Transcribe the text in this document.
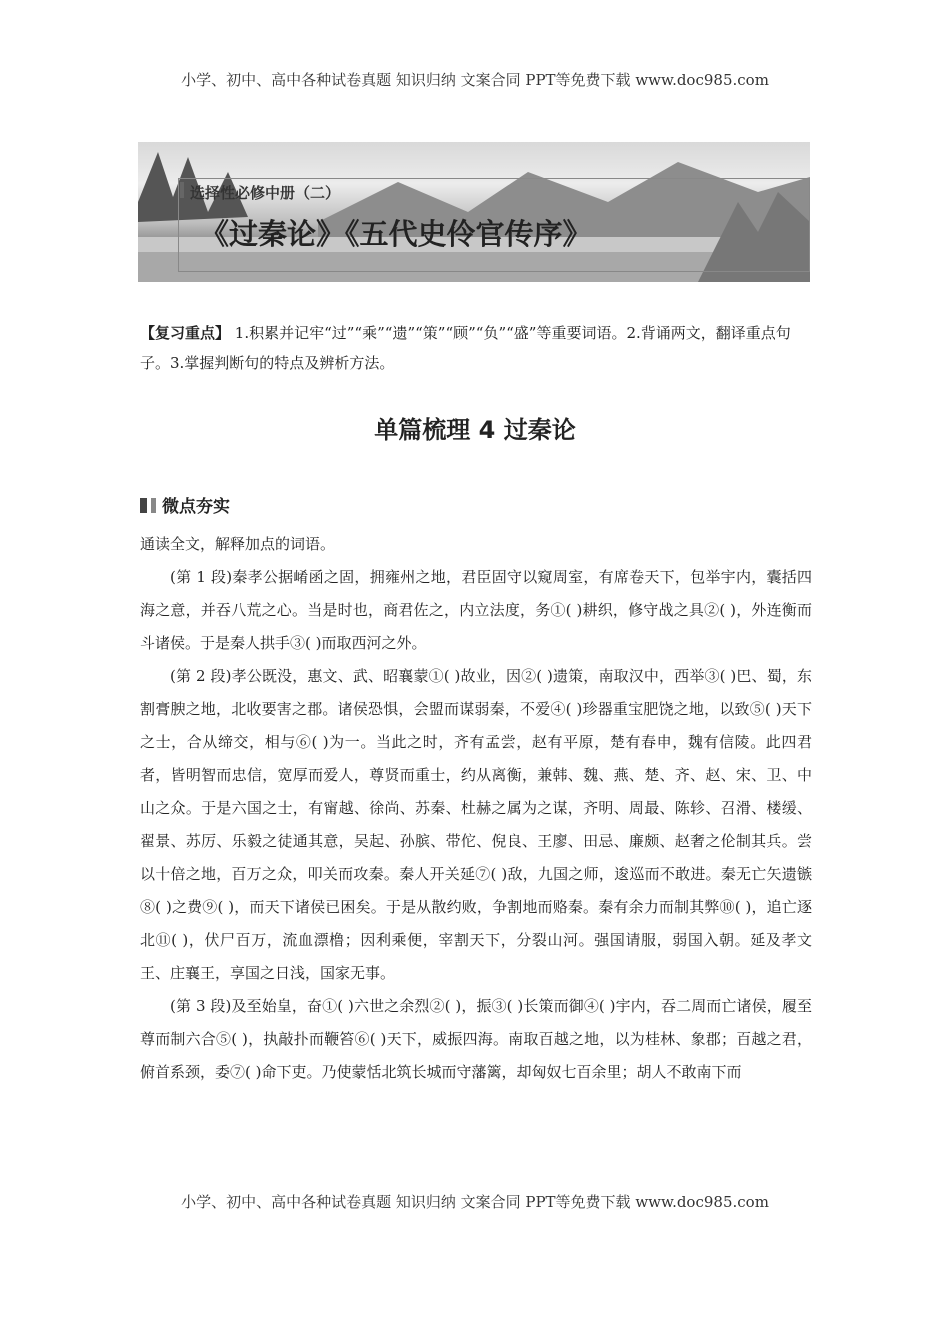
小学、初中、高中各种试卷真题 知识归纳 文案合同 PPT等免费下载 www.doc985.com
选择性必修中册（二）
《过秦论》《五代史伶官传序》
【复习重点】 1.积累并记牢“过”“乘”“遗”“策”“顾”“负”“盛”等重要词语。2.背诵两文，翻译重点句子。3.掌握判断句的特点及辨析方法。
单篇梳理 4 过秦论
微点夯实
通读全文，解释加点的词语。

(第 1 段)秦孝公据崤函之固，拥雍州之地，君臣固守以窥周室，有席卷天下，包举宇内，囊括四海之意，并吞八荒之心。当是时也，商君佐之，内立法度，务①( )耕织，修守战之具②( )，外连衡而斗诸侯。于是秦人拱手③( )而取西河之外。

(第 2 段)孝公既没，惠文、武、昭襄蒙①( )故业，因②( )遗策，南取汉中，西举③( )巴、蜀，东割膏腴之地，北收要害之郡。诸侯恐惧，会盟而谋弱秦，不爱④( )珍器重宝肥饶之地，以致⑤( )天下之士，合从缔交，相与⑥( )为一。当此之时，齐有孟尝，赵有平原，楚有春申，魏有信陵。此四君者，皆明智而忠信，宽厚而爱人，尊贤而重士，约从离衡，兼韩、魏、燕、楚、齐、赵、宋、卫、中山之众。于是六国之士，有甯越、徐尚、苏秦、杜赫之属为之谋，齐明、周最、陈轸、召滑、楼缓、翟景、苏厉、乐毅之徒通其意，吴起、孙膑、带佗、倪良、王廖、田忌、廉颇、赵奢之伦制其兵。尝以十倍之地，百万之众，叩关而攻秦。秦人开关延⑦( )敌，九国之师，逡巡而不敢进。秦无亡矢遗镞⑧( )之费⑨( )，而天下诸侯已困矣。于是从散约败，争割地而赂秦。秦有余力而制其弊⑩( )，追亡逐北⑪( )，伏尸百万，流血漂橹；因利乘便，宰割天下，分裂山河。强国请服，弱国入朝。延及孝文王、庄襄王，享国之日浅，国家无事。

(第 3 段)及至始皇，奋①( )六世之余烈②( )，振③( )长策而御④( )宇内，吞二周而亡诸侯，履至尊而制六合⑤( )，执敲扑而鞭笞⑥( )天下，威振四海。南取百越之地，以为桂林、象郡；百越之君，俯首系颈，委⑦( )命下吏。乃使蒙恬北筑长城而守藩篱，却匈奴七百余里；胡人不敢南下而

小学、初中、高中各种试卷真题 知识归纳 文案合同 PPT等免费下载 www.doc985.com
